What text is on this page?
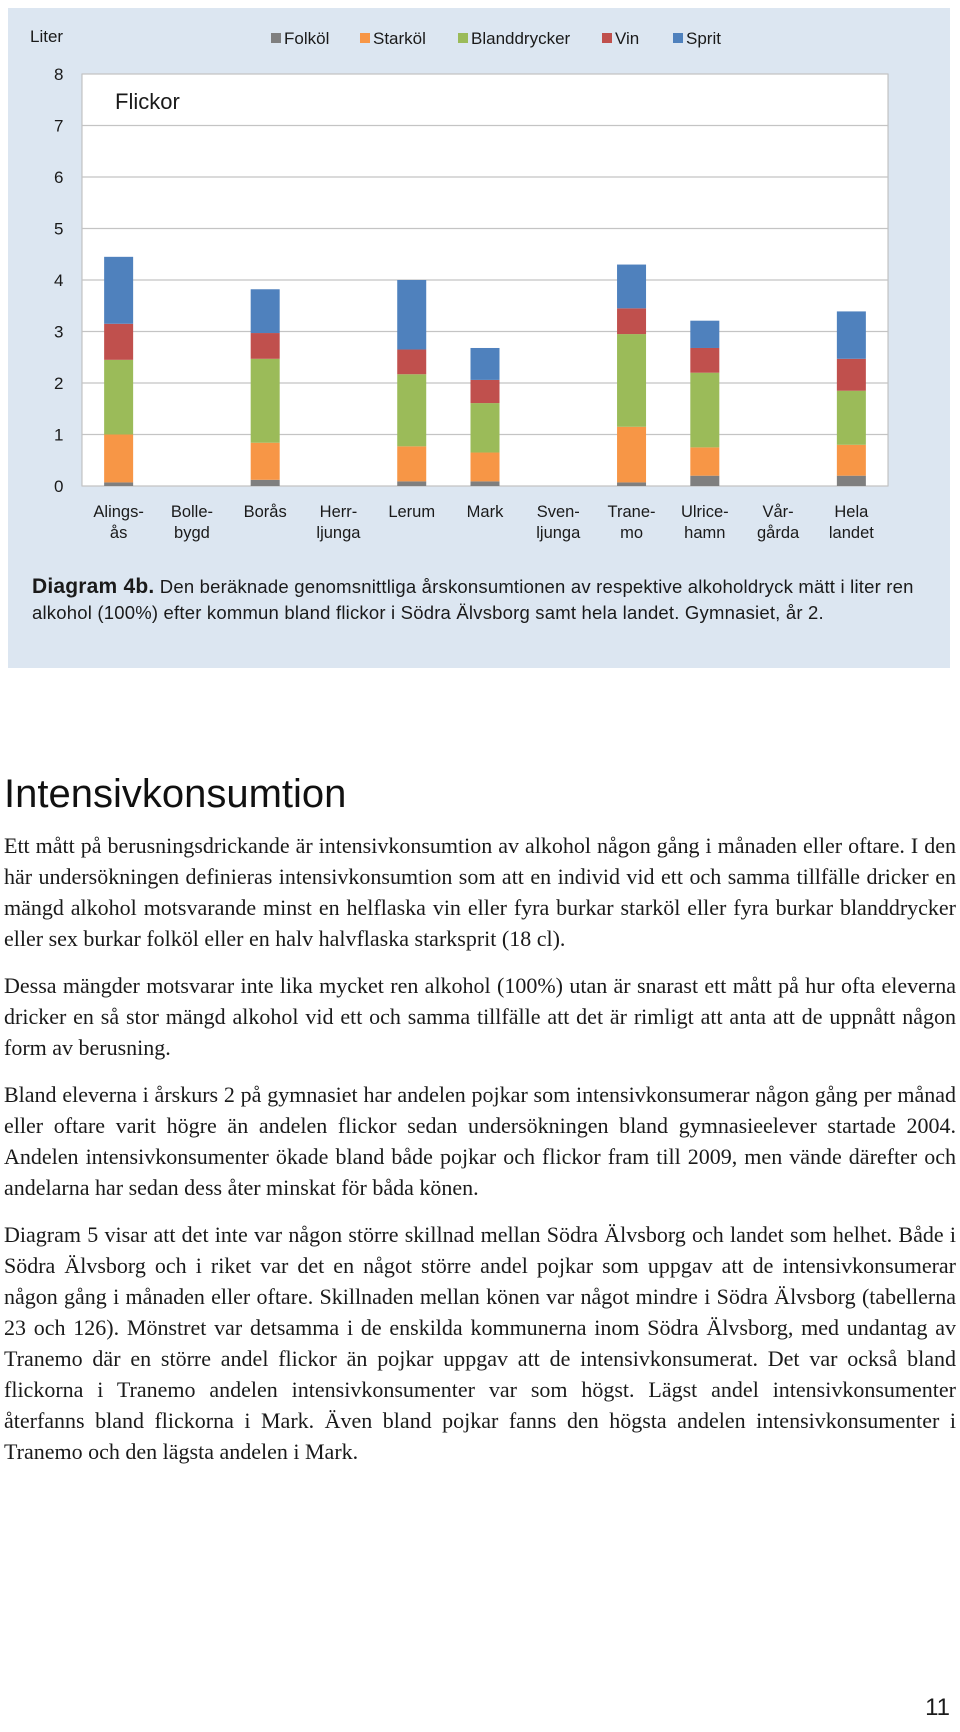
0
1
2
3
4
5
6
7
8
Liter
Flickor
Folköl	Starköl	Blanddrycker	Vin	Sprit
Alings-
ås
Bolle-
bygd
Borås Herr-
ljunga
Lerum Mark Sven-
ljunga
Trane-
mo
Ulrice-
hamn
Vår-
gårda
Hela
landet
Diagram 4b. Den beräknade genomsnittliga årskonsumtionen av respektive alkoholdryck mätt i liter ren alkohol (100%) efter kommun bland flickor i Södra Älvsborg samt hela landet. Gymnasiet, år 2.
Intensivkonsumtion

Ett mått på berusningsdrickande är intensivkonsumtion av alkohol någon gång i månaden eller oftare. I den här undersökningen definieras intensivkonsumtion som att en individ vid ett och samma tillfälle dricker en mängd alkohol motsvarande minst en helflaska vin eller fyra burkar starköl eller fyra burkar blanddrycker eller sex burkar folköl eller en halv halvflaska starksprit (18 cl).

Dessa mängder motsvarar inte lika mycket ren alkohol (100%) utan är snarast ett mått på hur ofta eleverna dricker en så stor mängd alkohol vid ett och samma tillfälle att det är rimligt att anta att de uppnått någon form av berusning.

Bland eleverna i årskurs 2 på gymnasiet har andelen pojkar som intensivkonsumerar någon gång per månad eller oftare varit högre än andelen flickor sedan undersökningen bland gymnasieelever startade 2004. Andelen intensivkonsumenter ökade bland både pojkar och flickor fram till 2009, men vände därefter och andelarna har sedan dess åter minskat för båda könen.

Diagram 5 visar att det inte var någon större skillnad mellan Södra Älvsborg och landet som helhet. Både i Södra Älvsborg och i riket var det en något större andel pojkar som uppgav att de intensivkonsumerar någon gång i månaden eller oftare. Skillnaden mellan könen var något mindre i Södra Älvsborg (tabellerna 23 och 126). Mönstret var detsamma i de enskilda kommunerna inom Södra Älvsborg, med undantag av Tranemo där en större andel flickor än pojkar uppgav att de intensivkonsumerat. Det var också bland flickorna i Tranemo andelen intensivkonsumenter var som högst. Lägst andel intensivkonsumenter återfanns bland flickorna i Mark. Även bland pojkar fanns den högsta andelen intensivkonsumenter i Tranemo och den lägsta andelen i Mark.

11
